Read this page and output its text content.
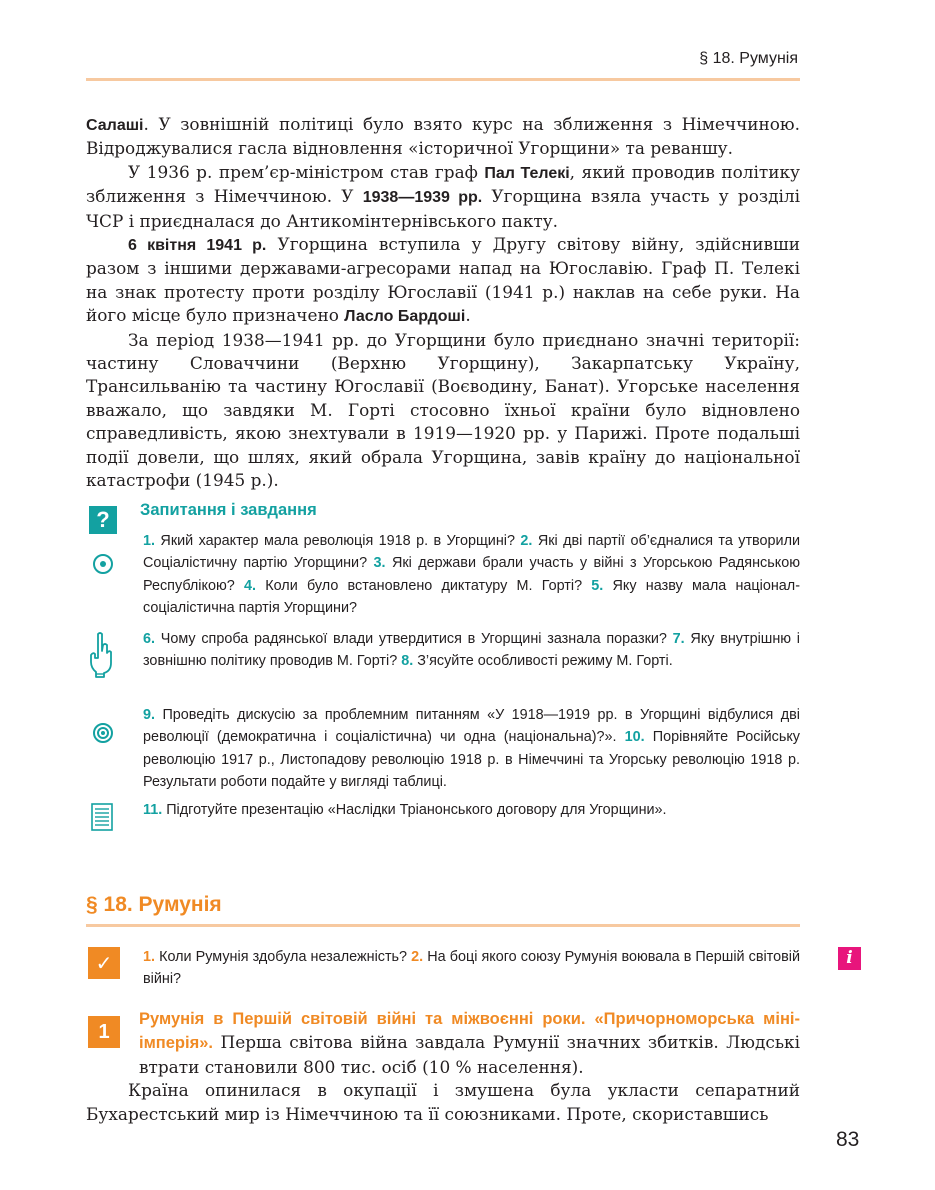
§ 18. Румунія

Салаші. У зовнішній політиці було взято курс на зближення з Німеччиною. Відроджувалися гасла відновлення «історичної Угорщини» та реваншу.

У 1936 р. прем’єр-міністром став граф Пал Телекі, який проводив політику зближення з Німеччиною. У 1938—1939 рр. Угорщина взяла участь у розділі ЧСР і приєдналася до Антикомінтернівського пакту.

6 квітня 1941 р. Угорщина вступила у Другу світову війну, здійснивши разом з іншими державами-агресорами напад на Югославію. Граф П. Телекі на знак протесту проти розділу Югославії (1941 р.) наклав на себе руки. На його місце було призначено Ласло Бардоші.

За період 1938—1941 рр. до Угорщини було приєднано значні території: частину Словаччини (Верхню Угорщину), Закарпатську Україну, Трансильванію та частину Югославії (Воєводину, Банат). Угорське населення вважало, що завдяки М. Горті стосовно їхньої країни було відновлено справедливість, якою знехтували в 1919—1920 рр. у Парижі. Проте подальші події довели, що шлях, який обрала Угорщина, завів країну до національної катастрофи (1945 р.).

?	Запитання і завдання

1. Який характер мала революція 1918 р. в Угорщині? 2. Які дві партії об’єдналися та утворили Соціалістичну партію Угорщини? 3. Які держави брали участь у війні з Угорською Радянською Республікою? 4. Коли було встановлено диктатуру М. Горті? 5. Яку назву мала націонал-соціалістична партія Угорщини?

6. Чому спроба радянської влади утвердитися в Угорщині зазнала поразки? 7. Яку внутрішню і зовнішню політику проводив М. Горті? 8. З’ясуйте особливості режиму М. Горті.

9. Проведіть дискусію за проблемним питанням «У 1918—1919 рр. в Угорщині відбулися дві революції (демократична і соціалістична) чи одна (національна)?». 10. Порівняйте Російську революцію 1917 р., Листопадову революцію 1918 р. в Німеччині та Угорську революцію 1918 р. Результати роботи подайте у вигляді таблиці.

11. Підготуйте презентацію «Наслідки Тріанонського договору для Угорщини».

§ 18. Румунія
✓	1. Коли Румунія здобула незалежність? 2. На боці якого союзу Румунія воювала в Першій світовій війні?

i
1

Румунія в Першій світовій війні та міжвоєнні роки. «Причорноморська міні-імперія». Перша світова війна завдала Румунії значних збитків. Людські втрати становили 800 тис. осіб (10 % населення).

Країна опинилася в окупації і змушена була укласти сепаратний Бухарестський мир із Німеччиною та її союзниками. Проте, скориставшись

83
